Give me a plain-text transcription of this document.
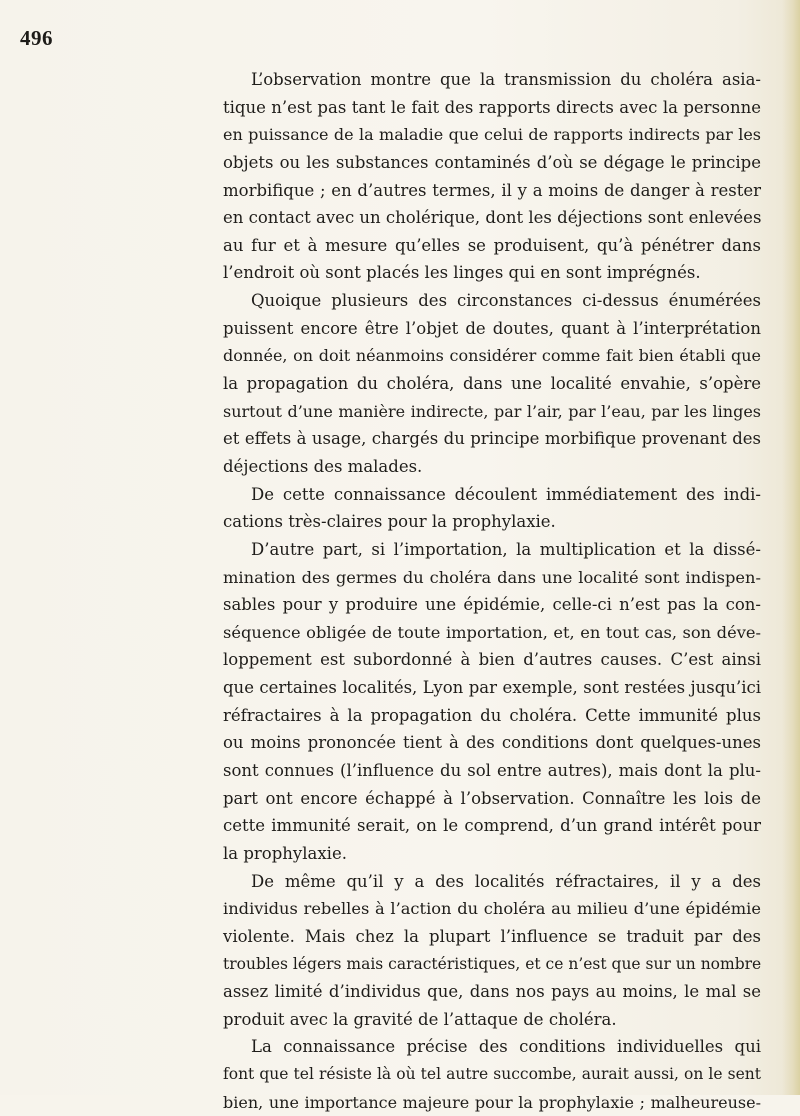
496
L’observation montre que la transmission du choléra asia-
tique n’est pas tant le fait des rapports directs avec la personne
en puissance de la maladie que celui de rapports indirects par les
objets ou les substances contaminés d’où se dégage le principe
morbifique ; en d’autres termes, il y a moins de danger à rester
en contact avec un cholérique, dont les déjections sont enlevées
au fur et à mesure qu’elles se produisent, qu’à pénétrer dans
l’endroit où sont placés les linges qui en sont imprégnés.
Quoique plusieurs des circonstances ci-dessus énumérées
puissent encore être l’objet de doutes, quant à l’interprétation
donnée, on doit néanmoins considérer comme fait bien établi que
la propagation du choléra, dans une localité envahie, s’opère
surtout d’une manière indirecte, par l’air, par l’eau, par les linges
et effets à usage, chargés du principe morbifique provenant des
déjections des malades.
De cette connaissance découlent immédiatement des indi-
cations très-claires pour la prophylaxie.
D’autre part, si l’importation, la multiplication et la dissé-
mination des germes du choléra dans une localité sont indispen-
sables pour y produire une épidémie, celle-ci n’est pas la con-
séquence obligée de toute importation, et, en tout cas, son déve-
loppement est subordonné à bien d’autres causes. C’est ainsi
que certaines localités, Lyon par exemple, sont restées jusqu’ici
réfractaires à la propagation du choléra. Cette immunité plus
ou moins prononcée tient à des conditions dont quelques-unes
sont connues (l’influence du sol entre autres), mais dont la plu-
part ont encore échappé à l’observation. Connaître les lois de
cette immunité serait, on le comprend, d’un grand intérêt pour
la prophylaxie.
De même qu’il y a des localités réfractaires, il y a des
individus rebelles à l’action du choléra au milieu d’une épidémie
violente. Mais chez la plupart l’influence se traduit par des
troubles légers mais caractéristiques, et ce n’est que sur un nombre
assez limité d’individus que, dans nos pays au moins, le mal se
produit avec la gravité de l’attaque de choléra.
La connaissance précise des conditions individuelles qui
font que tel résiste là où tel autre succombe, aurait aussi, on le sent
bien, une importance majeure pour la prophylaxie ; malheureuse-
